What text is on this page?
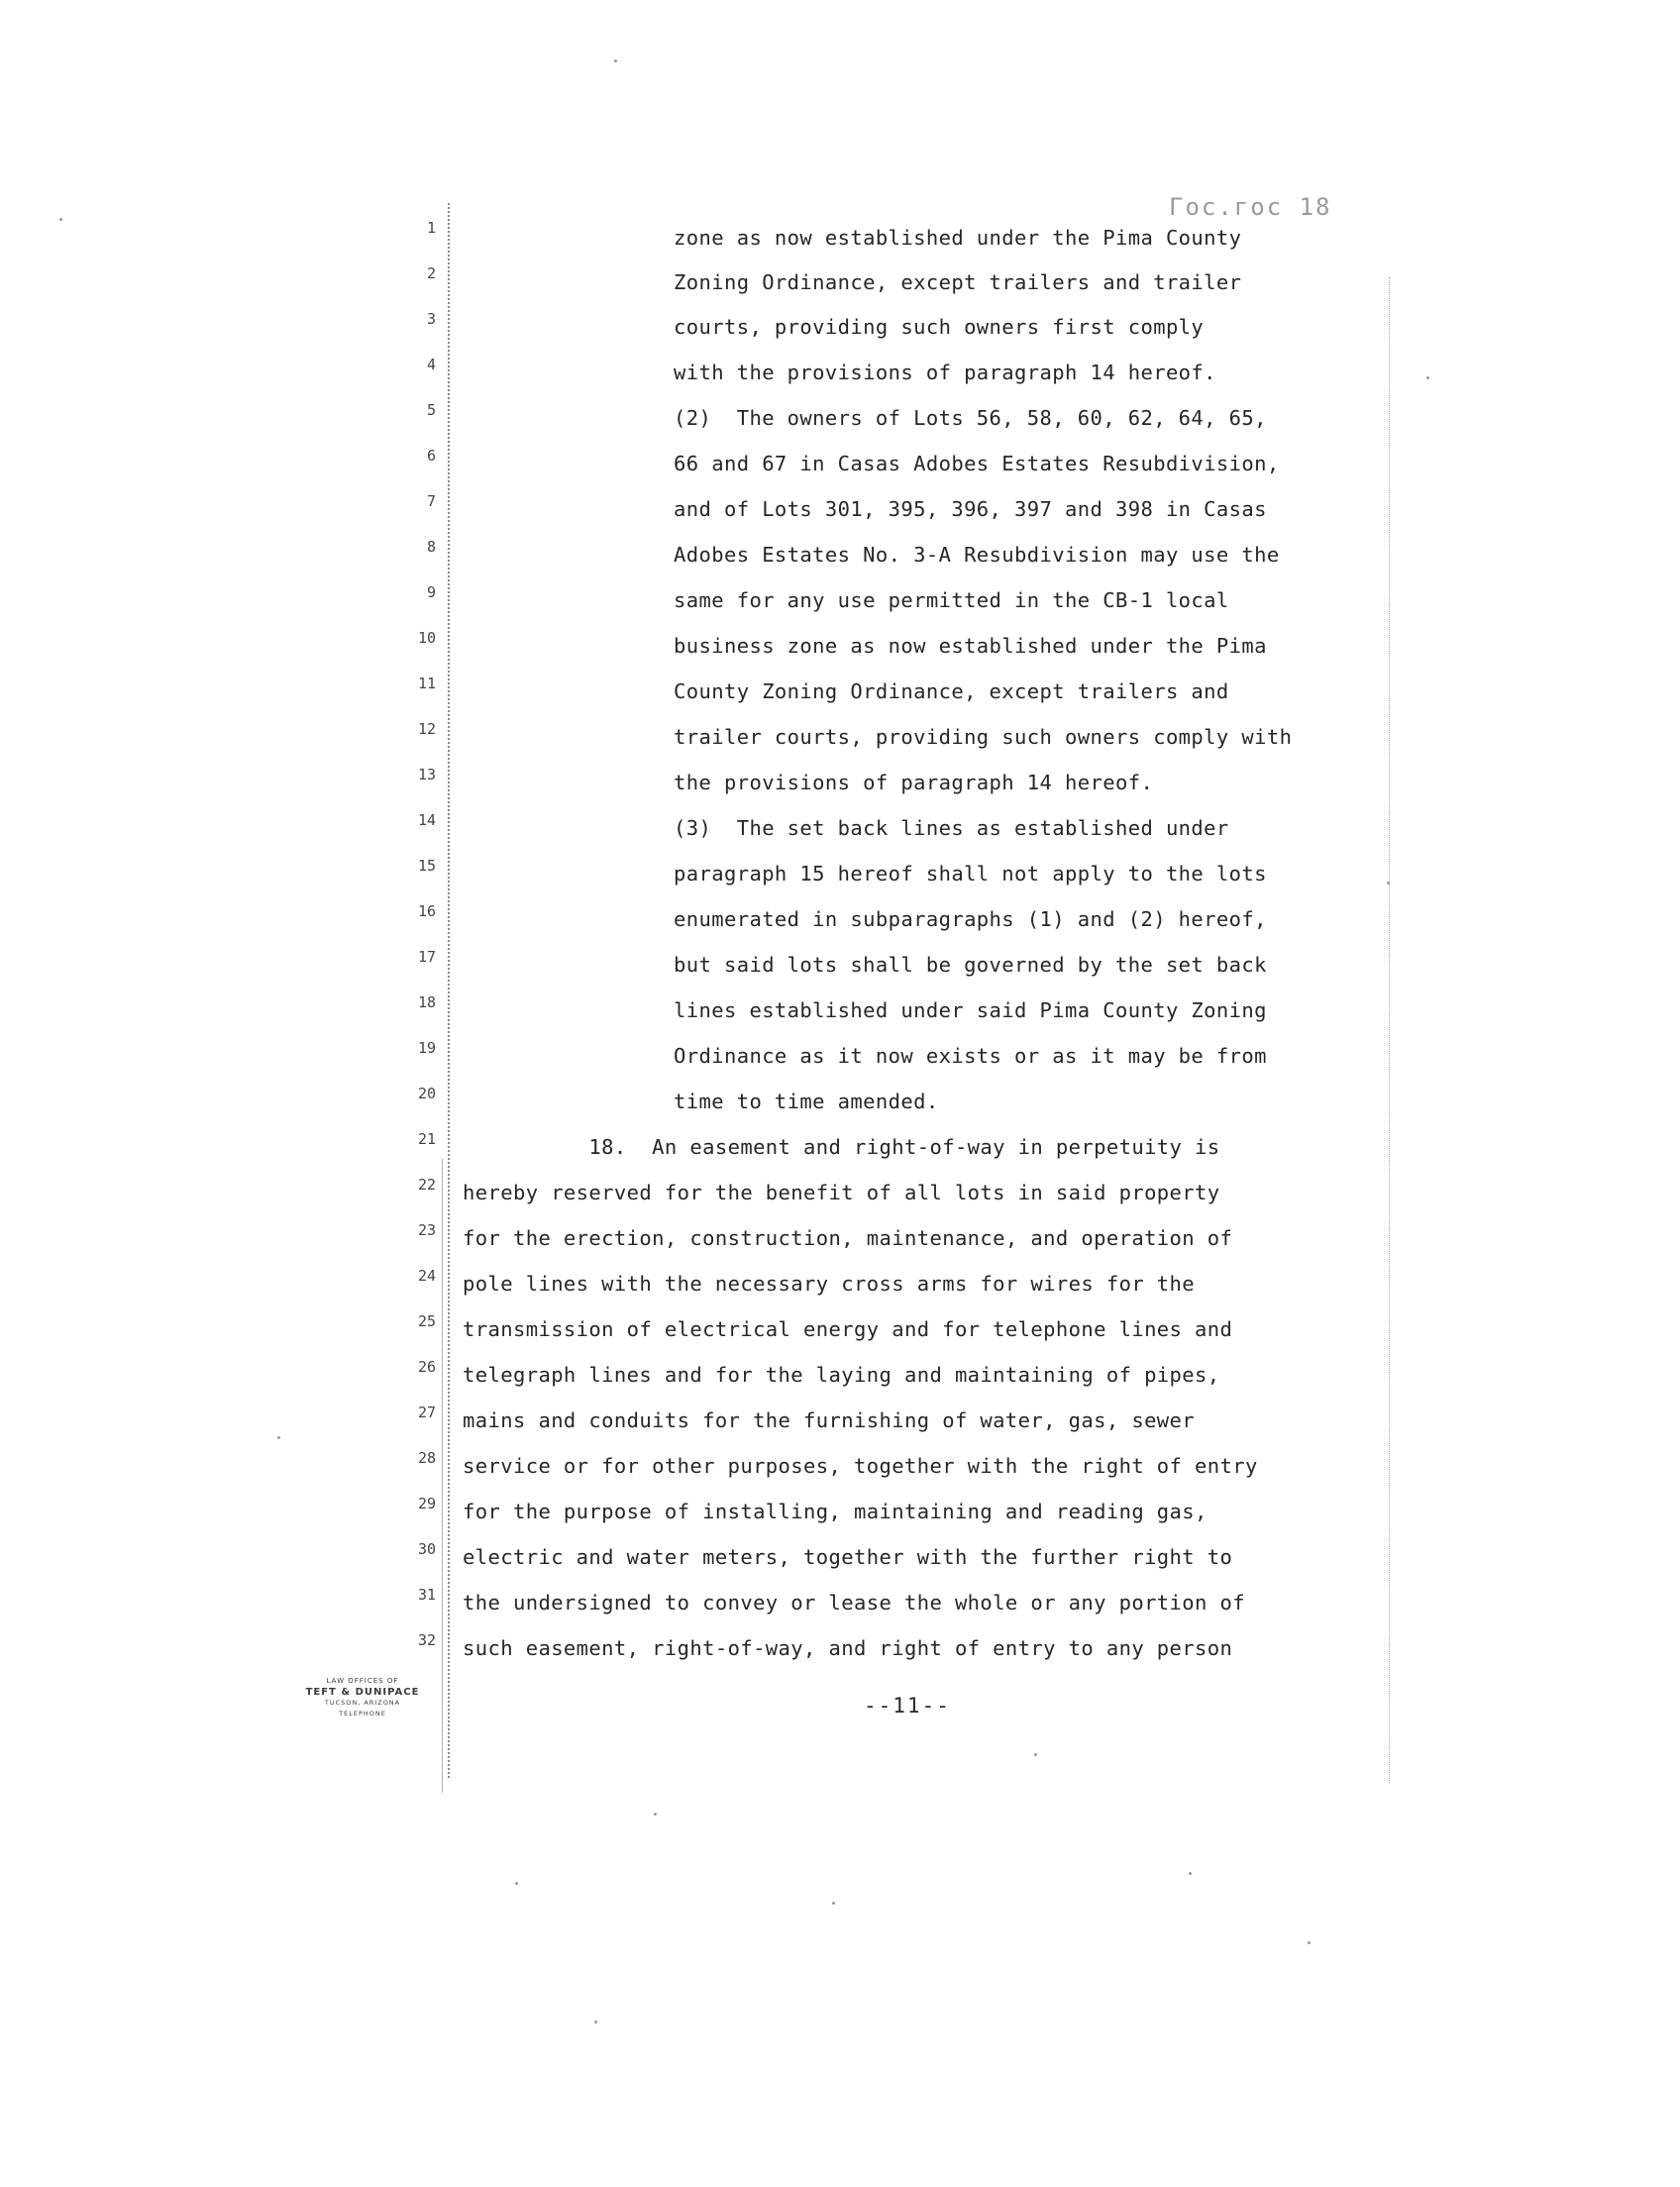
Гос.гос 18
1
2
3
4
5
6
7
8
9
10
11
12
13
14
15
16
17
18
19
20
21
22
23
24
25
26
27
28
29
30
31
32
zone as now established under the Pima County
Zoning Ordinance, except trailers and trailer
courts, providing such owners first comply
with the provisions of paragraph 14 hereof.
(2)  The owners of Lots 56, 58, 60, 62, 64, 65,
66 and 67 in Casas Adobes Estates Resubdivision,
and of Lots 301, 395, 396, 397 and 398 in Casas
Adobes Estates No. 3-A Resubdivision may use the
same for any use permitted in the CB-1 local
business zone as now established under the Pima
County Zoning Ordinance, except trailers and
trailer courts, providing such owners comply with
the provisions of paragraph 14 hereof.
(3)  The set back lines as established under
paragraph 15 hereof shall not apply to the lots
enumerated in subparagraphs (1) and (2) hereof,
but said lots shall be governed by the set back
lines established under said Pima County Zoning
Ordinance as it now exists or as it may be from
time to time amended.
18.  An easement and right-of-way in perpetuity is
hereby reserved for the benefit of all lots in said property
for the erection, construction, maintenance, and operation of
pole lines with the necessary cross arms for wires for the
transmission of electrical energy and for telephone lines and
telegraph lines and for the laying and maintaining of pipes,
mains and conduits for the furnishing of water, gas, sewer
service or for other purposes, together with the right of entry
for the purpose of installing, maintaining and reading gas,
electric and water meters, together with the further right to
the undersigned to convey or lease the whole or any portion of
such easement, right-of-way, and right of entry to any person
LAW OFFICES OF
TEFT & DUNIPACE
TUCSON, ARIZONA
TELEPHONE	--11--
